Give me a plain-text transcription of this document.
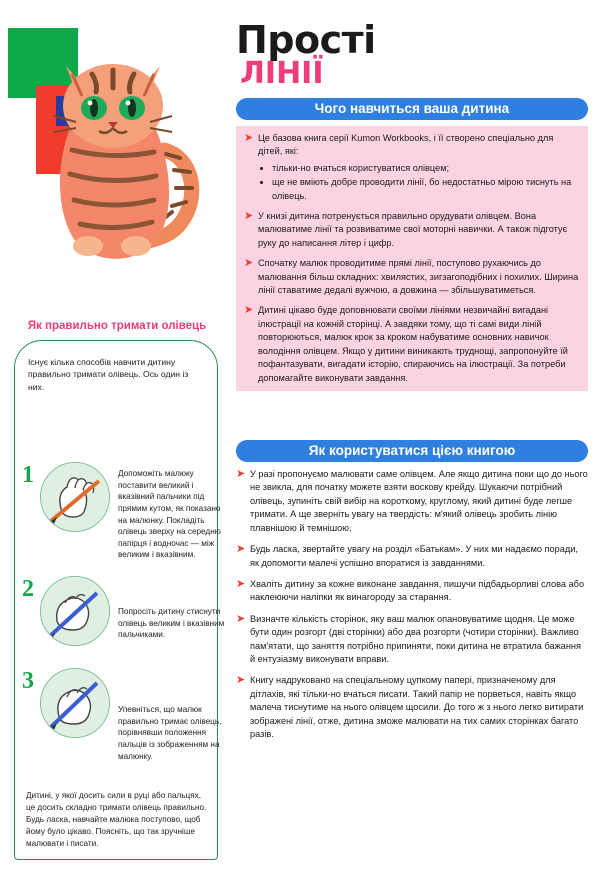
Як правильно тримати олівець
Існує кілька способів навчити дитину правильно тримати олівець. Ось один із них.
1	Допоможіть малюку поставити великий і вказівний пальчики під прямим кутом, як показано на малюнку. Покладіть олівець зверху на середню папірця і водночас — між великим і вказівним.
2
Попросіть дитину стиснути олівець великим і вказівним пальчиками.
3
Упевніться, що малюк правильно тримає олівець, порівнявши положення пальців із зображенням на малюнку.
Дитині, у якої досить сили в руці або пальцях, це досить складно тримати олівець правильно. Будь ласка, навчайте малюка поступово, щоб йому було цікаво. Поясніть, що так зручніше малювати і писати.
Прості
ЛІНІЇ
Чого навчиться ваша дитина
➤ Це базова книга серії Kumon Workbooks, і її створено спеціально для дітей, які:
• тільки-но вчаться користуватися олівцем;
• ще не вміють добре проводити лінії, бо недостатньо мірою тиснуть на олівець.
➤ У книзі дитина потренується правильно орудувати олівцем. Вона малюватиме лінії та розвиватиме свої моторні навички. А також підготує руку до написання літер і цифр.
➤ Спочатку малюк проводитиме прямі лінії, поступово рухаючись до малювання більш складних: хвилястих, зигзагоподібних і похилих. Ширина лінії ставатиме дедалі вужчою, а довжина — збільшуватиметься.
➤ Дитині цікаво буде доповнювати своїми лініями незвичайні вигадані ілюстрації на кожній сторінці. А завдяки тому, що ті самі види ліній повторюються, малюк крок за кроком набуватиме основних навичок володіння олівцем. Якщо у дитини виникають труднощі, запропонуйте їй пофантазувати, вигадати історію, спираючись на ілюстрації. За потреби допомагайте виконувати завдання.
Як користуватися цією книгою
➤ У разі пропонуємо малювати саме олівцем. Але якщо дитина поки що до нього не звикла, для початку можете взяти воскову крейду. Шукаючи потрібний олівець, зупиніть свій вибір на короткому, круглому, який дитині буде легше тримати. А ще зверніть увагу на твердість: м'який олівець зробить лінію плавнішою й темнішою.
➤ Будь ласка, звертайте увагу на розділ «Батькам». У них ми надаємо поради, як допомогти малечі успішно впоратися із завданнями.
➤ Хваліть дитину за кожне виконане завдання, пишучи підбадьорливі слова або наклеюючи наліпки як винагороду за старання.
➤ Визначте кількість сторінок, яку ваш малюк опановуватиме щодня. Це може бути один розгорт (дві сторінки) або два розгорти (чотири сторінки). Важливо пам'ятати, що заняття потрібно припиняти, поки дитина не втратила бажання й ентузіазму виконувати вправи.
➤ Книгу надруковано на спеціальному цупкому папері, призначеному для дітлахів, які тільки-но вчаться писати. Такий папір не порветься, навіть якщо малеча тиснутиме на нього олівцем щосили. До того ж з нього легко витирати зображені лінії, отже, дитина зможе малювати на тих самих сторінках багато разів.
